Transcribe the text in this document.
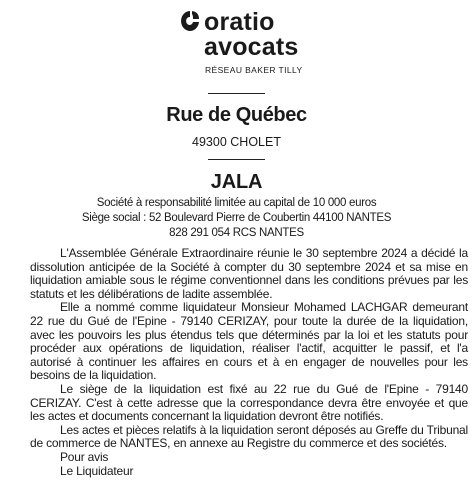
oratio
avocats
RÉSEAU BAKER TILLY
Rue de Québec
49300 CHOLET
JALA
Société à responsabilité limitée au capital de 10 000 euros
Siège social : 52 Boulevard Pierre de Coubertin 44100 NANTES
828 291 054 RCS NANTES

L'Assemblée Générale Extraordinaire réunie le 30 septembre 2024 a décidé la dissolution anticipée de la Société à compter du 30 septembre 2024 et sa mise en liquidation amiable sous le régime conventionnel dans les conditions prévues par les statuts et les délibérations de ladite assemblée.

Elle a nommé comme liquidateur Monsieur Mohamed LACHGAR demeurant 22 rue du Gué de l'Epine - 79140 CERIZAY, pour toute la durée de la liquidation, avec les pouvoirs les plus étendus tels que déterminés par la loi et les statuts pour procéder aux opérations de liquidation, réaliser l'actif, acquitter le passif, et l'a autorisé à continuer les affaires en cours et à en engager de nouvelles pour les besoins de la liquidation.

Le siège de la liquidation est fixé au 22 rue du Gué de l'Epine - 79140 CERIZAY. C'est à cette adresse que la correspondance devra être envoyée et que les actes et documents concernant la liquidation devront être notifiés.

Les actes et pièces relatifs à la liquidation seront déposés au Greffe du Tribunal de commerce de NANTES, en annexe au Registre du commerce et des sociétés.

Pour avis

Le Liquidateur
